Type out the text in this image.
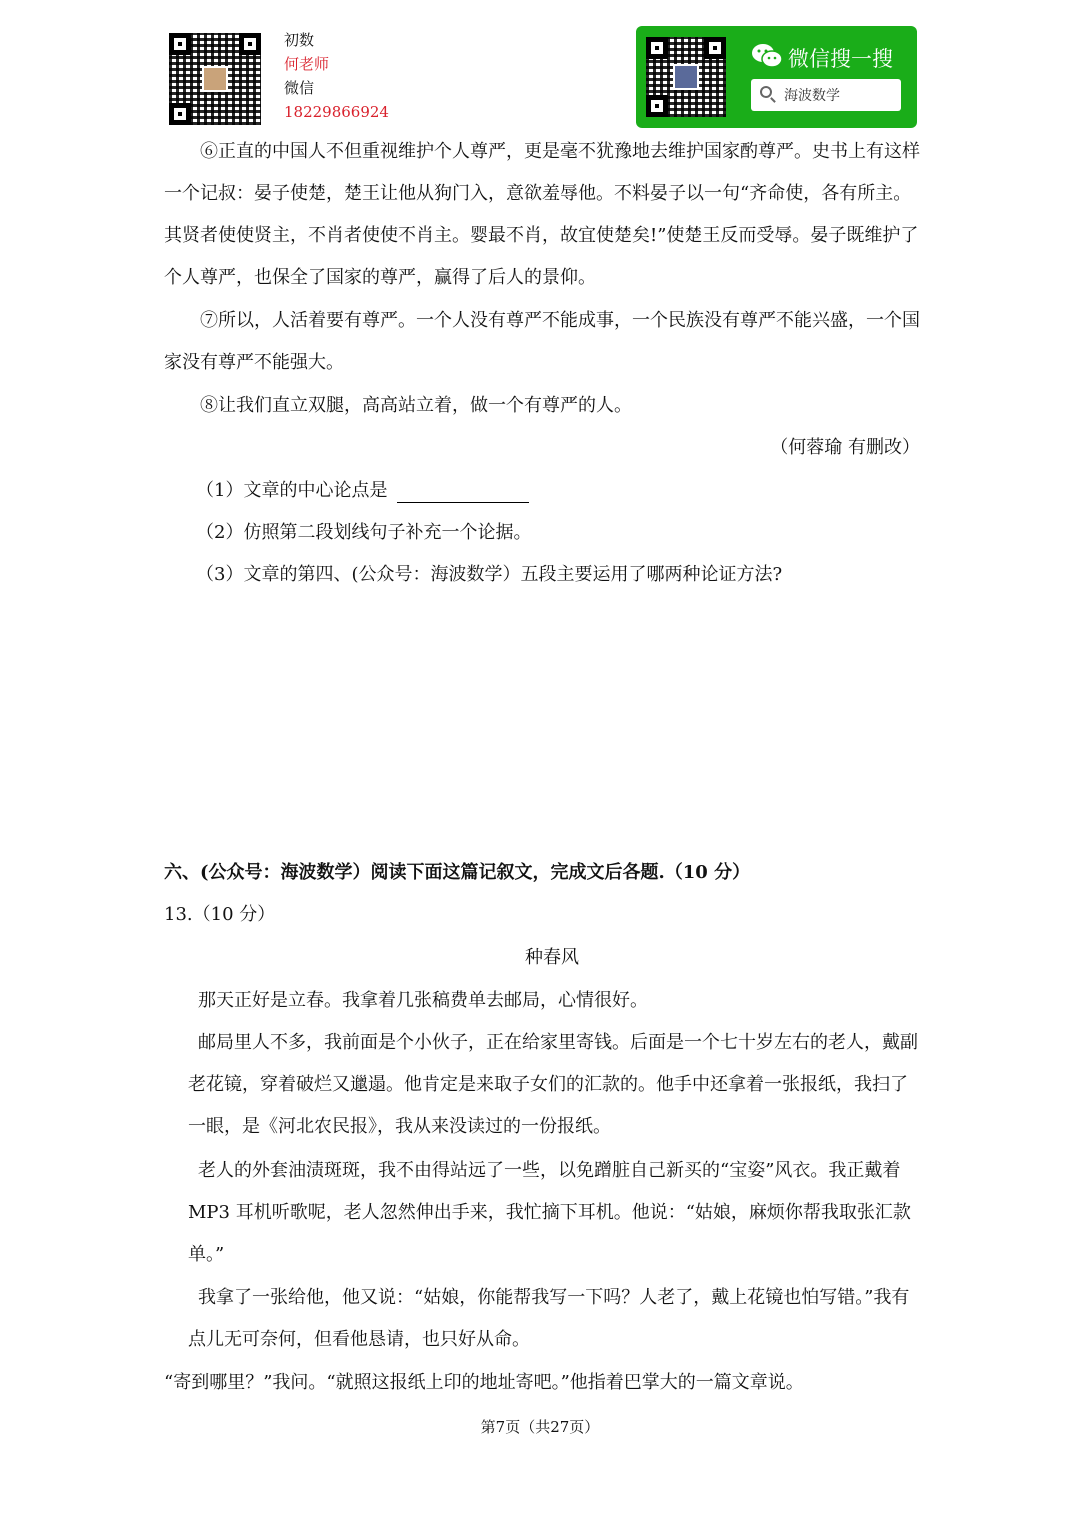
初数
何老师
微信
18229866924
微信搜一搜
海波数学

⑥正直的中国人不但重视维护个人尊严，更是毫不犹豫地去维护国家酌尊严。史书上有这样一个记叔：晏子使楚，楚王让他从狗门入，意欲羞辱他。不料晏子以一句“齐命使，各有所主。其贤者使使贤主，不肖者使使不肖主。婴最不肖，故宜使楚矣!”使楚王反而受辱。晏子既维护了个人尊严，也保全了国家的尊严，赢得了后人的景仰。

⑦所以，人活着要有尊严。一个人没有尊严不能成事，一个民族没有尊严不能兴盛，一个国家没有尊严不能强大。

⑧让我们直立双腿，高高站立着，做一个有尊严的人。

（何蓉瑜 有删改）

（1）文章的中心论点是

（2）仿照第二段划线句子补充一个论据。

（3）文章的第四、(公众号：海波数学）五段主要运用了哪两种论证方法?

六、(公众号：海波数学）阅读下面这篇记叙文，完成文后各题.（10 分）

13.（10 分）

种春风

那天正好是立春。我拿着几张稿费单去邮局，心情很好。

邮局里人不多，我前面是个小伙子，正在给家里寄钱。后面是一个七十岁左右的老人，戴副老花镜，穿着破烂又邋遢。他肯定是来取子女们的汇款的。他手中还拿着一张报纸，我扫了一眼，是《河北农民报》，我从来没读过的一份报纸。

老人的外套油渍斑斑，我不由得站远了一些，以免蹭脏自己新买的“宝姿”风衣。我正戴着 MP3 耳机听歌呢，老人忽然伸出手来，我忙摘下耳机。他说：“姑娘，麻烦你帮我取张汇款单。”

我拿了一张给他，他又说：“姑娘，你能帮我写一下吗？人老了，戴上花镜也怕写错。”我有点儿无可奈何，但看他恳请，也只好从命。

“寄到哪里？”我问。“就照这报纸上印的地址寄吧。”他指着巴掌大的一篇文章说。

第7页（共27页）
